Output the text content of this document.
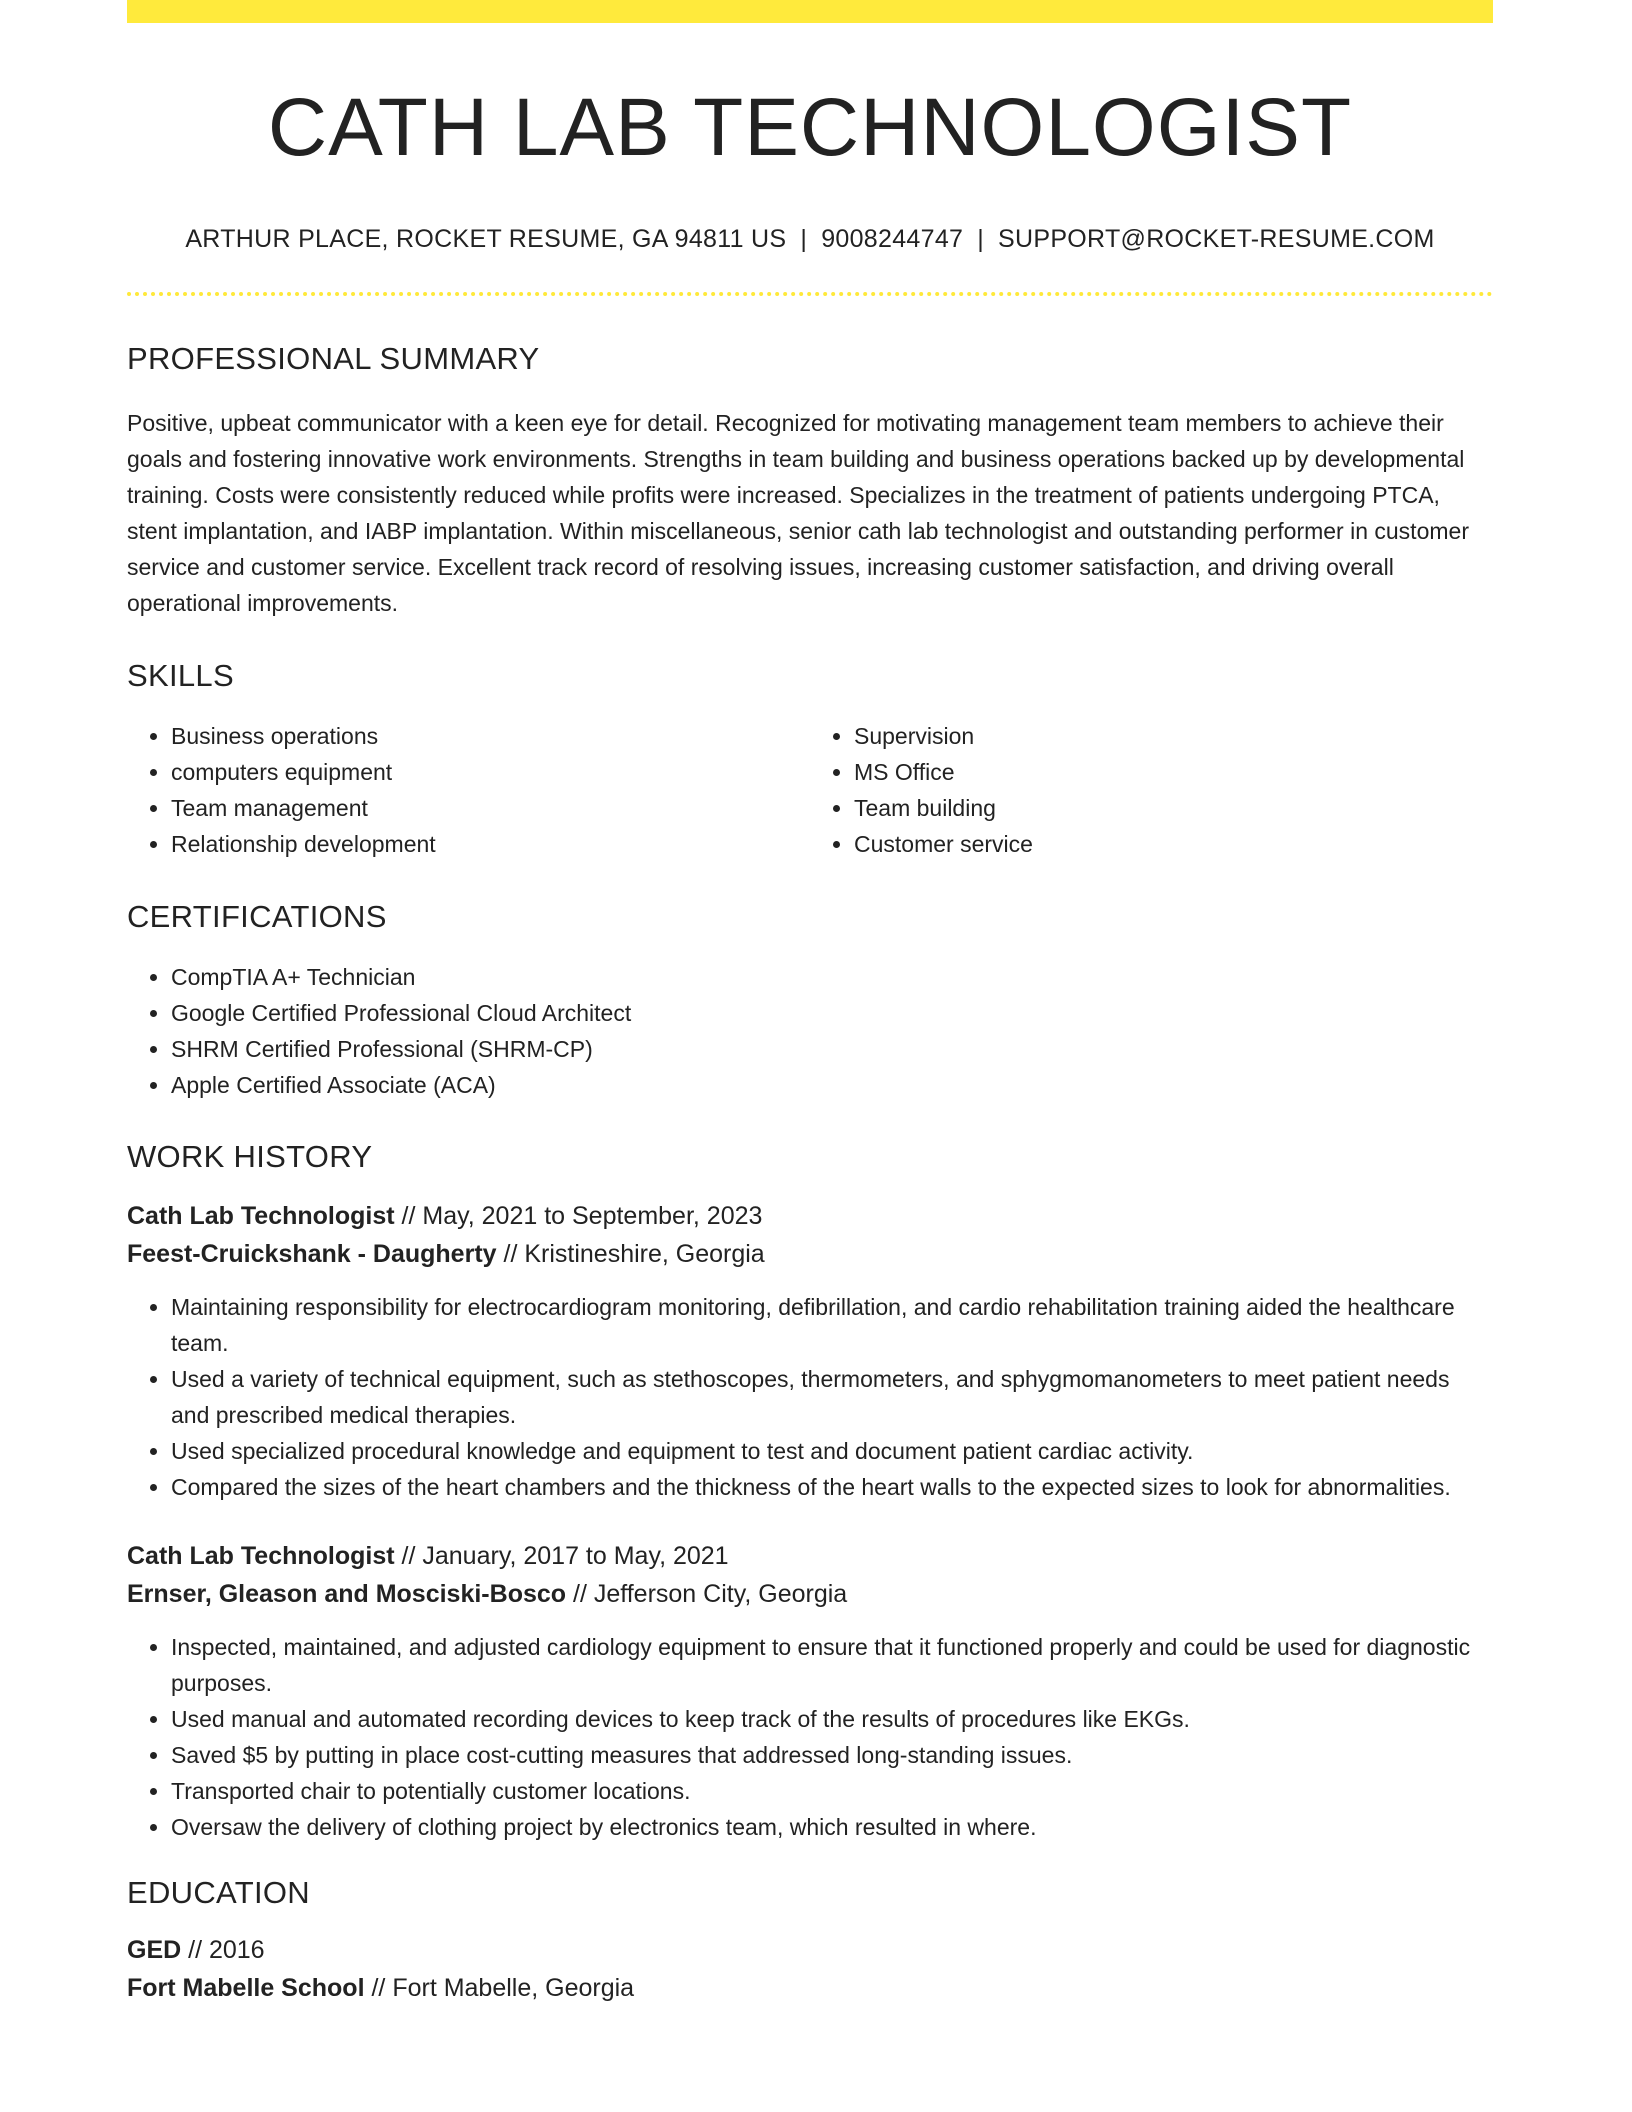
CATH LAB TECHNOLOGIST
ARTHUR PLACE, ROCKET RESUME, GA 94811 US | 9008244747 | SUPPORT@ROCKET-RESUME.COM
PROFESSIONAL SUMMARY

Positive, upbeat communicator with a keen eye for detail. Recognized for motivating management team members to achieve their goals and fostering innovative work environments. Strengths in team building and business operations backed up by developmental training. Costs were consistently reduced while profits were increased. Specializes in the treatment of patients undergoing PTCA, stent implantation, and IABP implantation. Within miscellaneous, senior cath lab technologist and outstanding performer in customer service and customer service. Excellent track record of resolving issues, increasing customer satisfaction, and driving overall operational improvements.

SKILLS
• Business operations
• computers equipment
• Team management
• Relationship development
• Supervision
• MS Office
• Team building
• Customer service
CERTIFICATIONS
• CompTIA A+ Technician
• Google Certified Professional Cloud Architect
• SHRM Certified Professional (SHRM-CP)
• Apple Certified Associate (ACA)
WORK HISTORY
Cath Lab Technologist // May, 2021 to September, 2023
Feest-Cruickshank - Daugherty // Kristineshire, Georgia
• Maintaining responsibility for electrocardiogram monitoring, defibrillation, and cardio rehabilitation training aided the healthcare team.
• Used a variety of technical equipment, such as stethoscopes, thermometers, and sphygmomanometers to meet patient needs and prescribed medical therapies.
• Used specialized procedural knowledge and equipment to test and document patient cardiac activity.
• Compared the sizes of the heart chambers and the thickness of the heart walls to the expected sizes to look for abnormalities.
Cath Lab Technologist // January, 2017 to May, 2021
Ernser, Gleason and Mosciski-Bosco // Jefferson City, Georgia
• Inspected, maintained, and adjusted cardiology equipment to ensure that it functioned properly and could be used for diagnostic purposes.
• Used manual and automated recording devices to keep track of the results of procedures like EKGs.
• Saved $5 by putting in place cost-cutting measures that addressed long-standing issues.
• Transported chair to potentially customer locations.
• Oversaw the delivery of clothing project by electronics team, which resulted in where.
EDUCATION
GED // 2016
Fort Mabelle School // Fort Mabelle, Georgia
